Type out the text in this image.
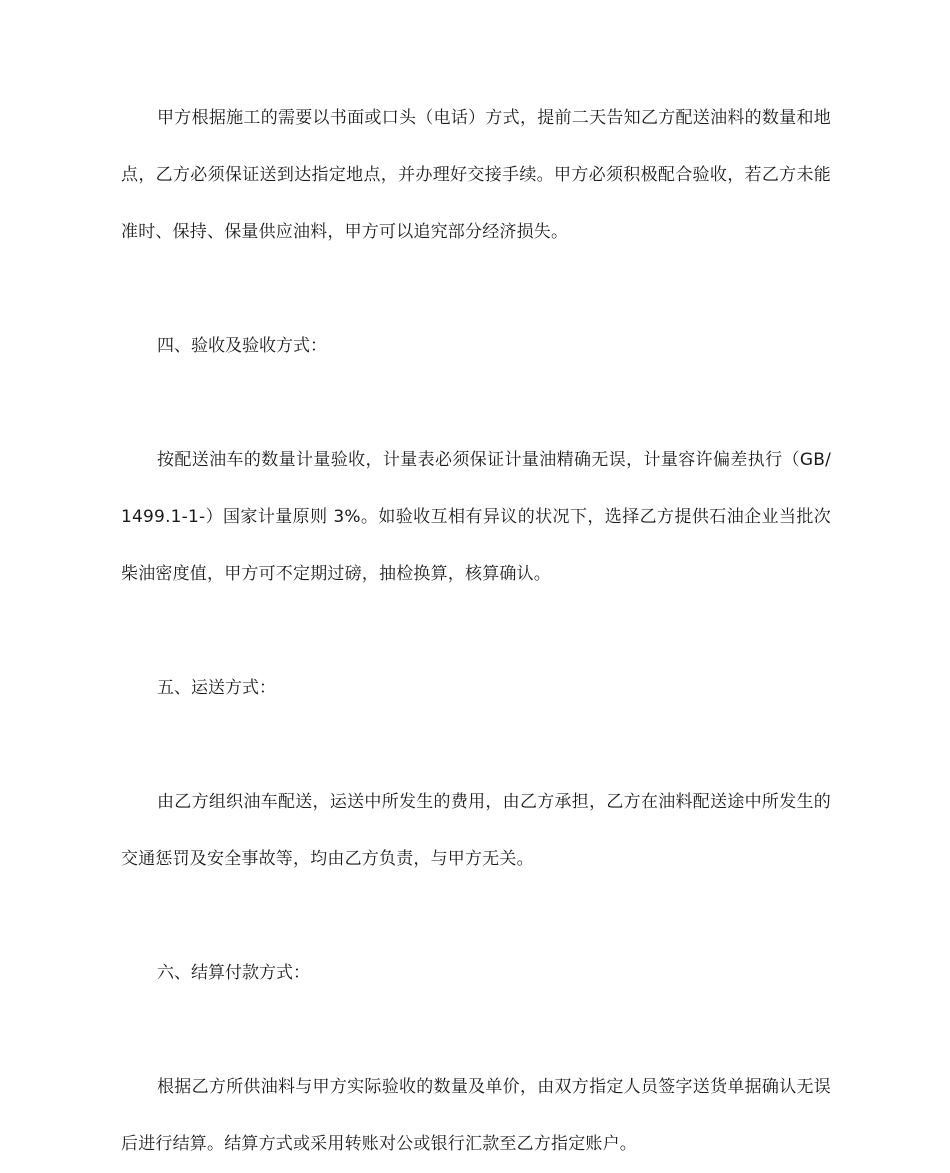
甲方根据施工的需要以书面或口头（电话）方式，提前二天告知乙方配送油料的数量和地点，乙方必须保证送到达指定地点，并办理好交接手续。甲方必须积极配合验收，若乙方未能准时、保持、保量供应油料，甲方可以追究部分经济损失。

四、验收及验收方式：

按配送油车的数量计量验收，计量表必须保证计量油精确无误，计量容许偏差执行（GB/1499.1-1-）国家计量原则 3%。如验收互相有异议的状况下，选择乙方提供石油企业当批次柴油密度值，甲方可不定期过磅，抽检换算，核算确认。

五、运送方式：

由乙方组织油车配送，运送中所发生的费用，由乙方承担，乙方在油料配送途中所发生的交通惩罚及安全事故等，均由乙方负责，与甲方无关。

六、结算付款方式：

根据乙方所供油料与甲方实际验收的数量及单价，由双方指定人员签字送货单据确认无误后进行结算。结算方式或采用转账对公或银行汇款至乙方指定账户。
